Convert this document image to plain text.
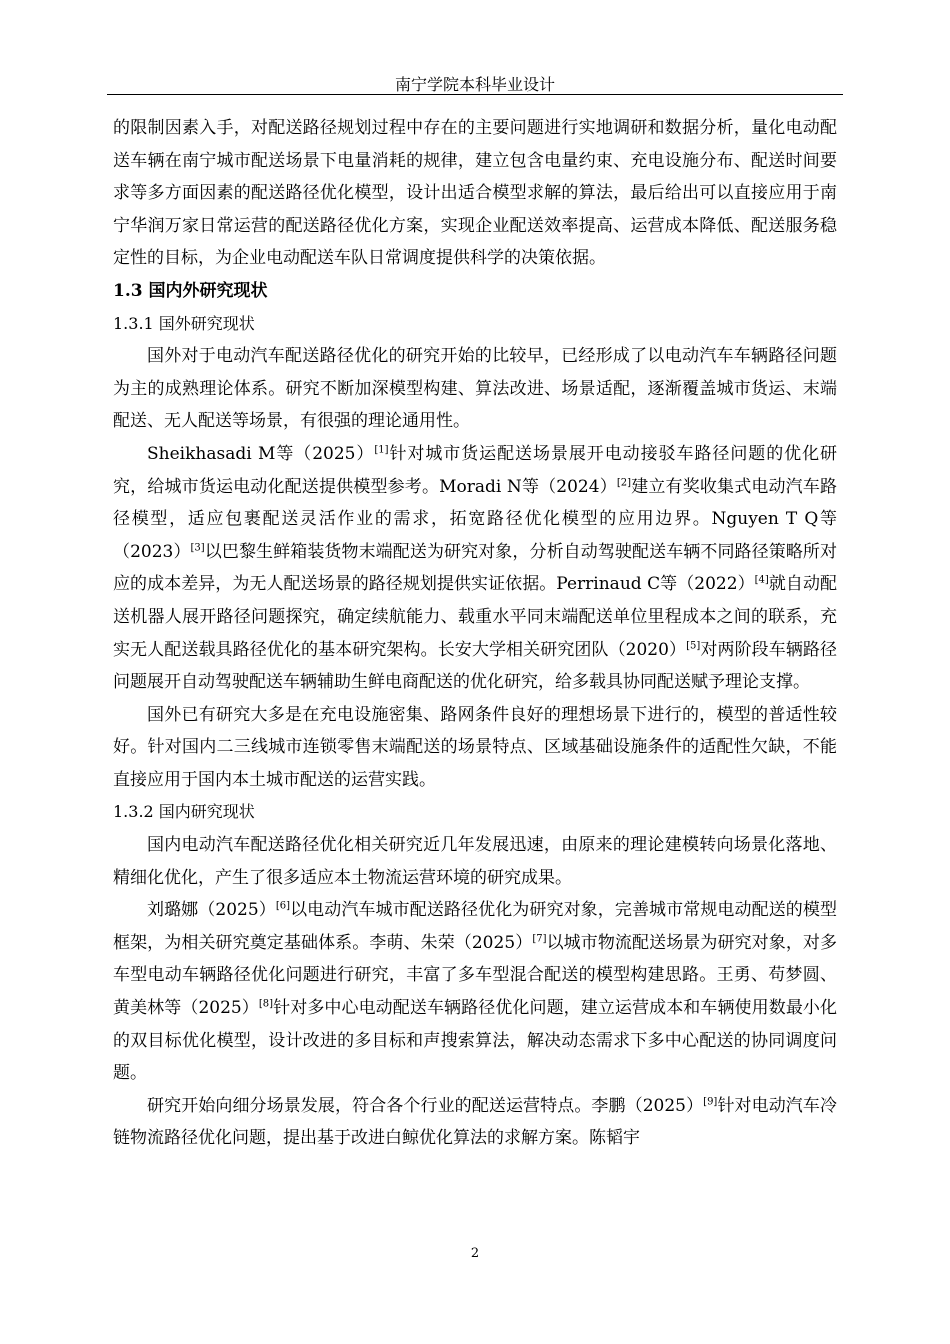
南宁学院本科毕业设计

的限制因素入手，对配送路径规划过程中存在的主要问题进行实地调研和数据分析，量化电动配送车辆在南宁城市配送场景下电量消耗的规律，建立包含电量约束、充电设施分布、配送时间要求等多方面因素的配送路径优化模型，设计出适合模型求解的算法，最后给出可以直接应用于南宁华润万家日常运营的配送路径优化方案，实现企业配送效率提高、运营成本降低、配送服务稳定性的目标，为企业电动配送车队日常调度提供科学的决策依据。

1.3 国内外研究现状

1.3.1 国外研究现状

国外对于电动汽车配送路径优化的研究开始的比较早，已经形成了以电动汽车车辆路径问题为主的成熟理论体系。研究不断加深模型构建、算法改进、场景适配，逐渐覆盖城市货运、末端配送、无人配送等场景，有很强的理论通用性。

Sheikhasadi M等（2025）[1]针对城市货运配送场景展开电动接驳车路径问题的优化研究，给城市货运电动化配送提供模型参考。Moradi N等（2024）[2]建立有奖收集式电动汽车路径模型，适应包裹配送灵活作业的需求，拓宽路径优化模型的应用边界。Nguyen T Q等（2023）[3]以巴黎生鲜箱装货物末端配送为研究对象，分析自动驾驶配送车辆不同路径策略所对应的成本差异，为无人配送场景的路径规划提供实证依据。Perrinaud C等（2022）[4]就自动配送机器人展开路径问题探究，确定续航能力、载重水平同末端配送单位里程成本之间的联系，充实无人配送载具路径优化的基本研究架构。长安大学相关研究团队（2020）[5]对两阶段车辆路径问题展开自动驾驶配送车辆辅助生鲜电商配送的优化研究，给多载具协同配送赋予理论支撑。

国外已有研究大多是在充电设施密集、路网条件良好的理想场景下进行的，模型的普适性较好。针对国内二三线城市连锁零售末端配送的场景特点、区域基础设施条件的适配性欠缺，不能直接应用于国内本土城市配送的运营实践。

1.3.2 国内研究现状

国内电动汽车配送路径优化相关研究近几年发展迅速，由原来的理论建模转向场景化落地、精细化优化，产生了很多适应本土物流运营环境的研究成果。

刘璐娜（2025）[6]以电动汽车城市配送路径优化为研究对象，完善城市常规电动配送的模型框架，为相关研究奠定基础体系。李萌、朱荣（2025）[7]以城市物流配送场景为研究对象，对多车型电动车辆路径优化问题进行研究，丰富了多车型混合配送的模型构建思路。王勇、苟梦圆、黄美林等（2025）[8]针对多中心电动配送车辆路径优化问题，建立运营成本和车辆使用数最小化的双目标优化模型，设计改进的多目标和声搜索算法，解决动态需求下多中心配送的协同调度问题。

研究开始向细分场景发展，符合各个行业的配送运营特点。李鹏（2025）[9]针对电动汽车冷链物流路径优化问题，提出基于改进白鲸优化算法的求解方案。陈韬宇

2
